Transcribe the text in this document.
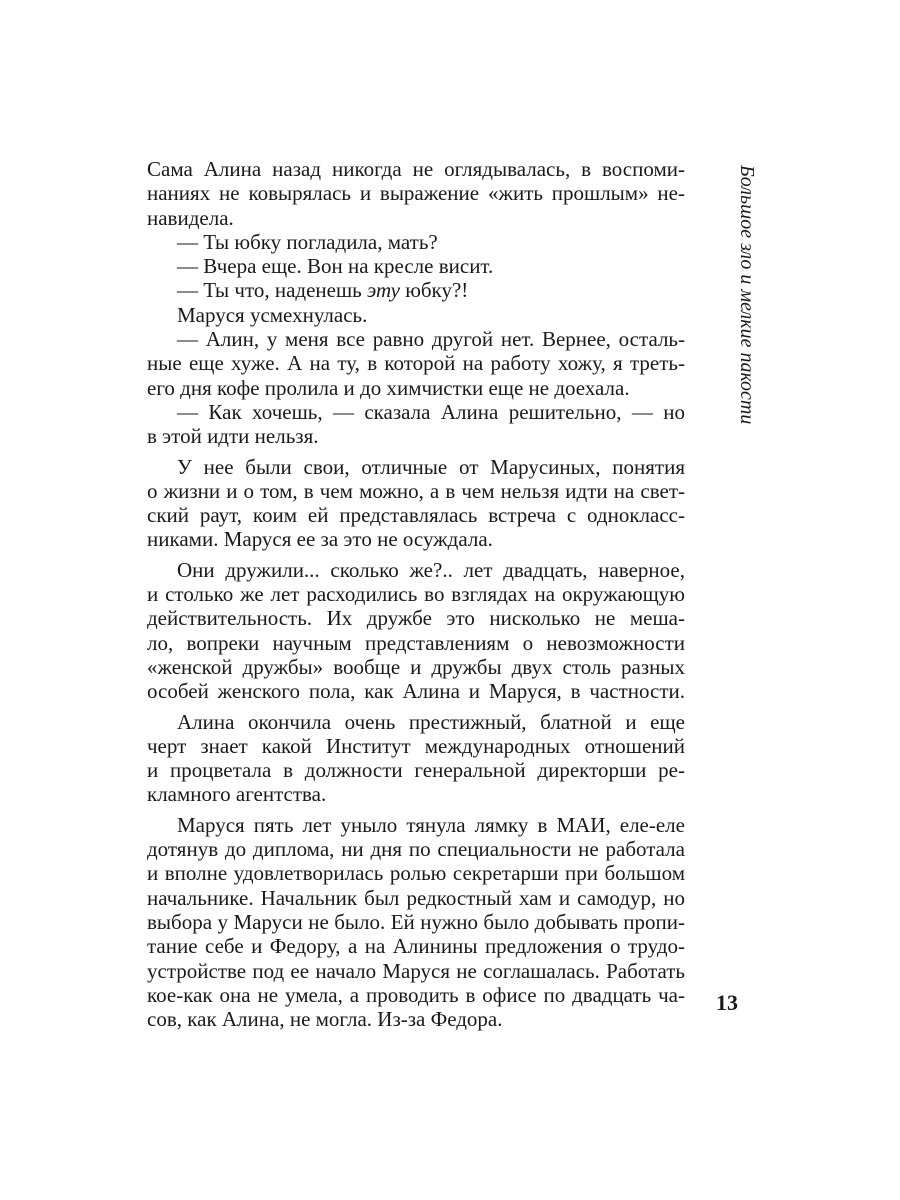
Сама Алина назад никогда не оглядывалась, в воспоми-
наниях не ковырялась и выражение «жить прошлым» не-
навидела.
— Ты юбку погладила, мать?
— Вчера еще. Вон на кресле висит.
— Ты что, наденешь эту юбку?!
Маруся усмехнулась.
— Алин, у меня все равно другой нет. Вернее, осталь-
ные еще хуже. А на ту, в которой на работу хожу, я треть-
его дня кофе пролила и до химчистки еще не доехала.
— Как хочешь, — сказала Алина решительно, — но
в этой идти нельзя.
У нее были свои, отличные от Марусиных, понятия
о жизни и о том, в чем можно, а в чем нельзя идти на свет-
ский раут, коим ей представлялась встреча с однокласс-
никами. Маруся ее за это не осуждала.
Они дружили... сколько же?.. лет двадцать, наверное,
и столько же лет расходились во взглядах на окружающую
действительность. Их дружбе это нисколько не меша-
ло, вопреки научным представлениям о невозможности
«женской дружбы» вообще и дружбы двух столь разных
особей женского пола, как Алина и Маруся, в частности.
Алина окончила очень престижный, блатной и еще
черт знает какой Институт международных отношений
и процветала в должности генеральной директорши ре-
кламного агентства.
Маруся пять лет уныло тянула лямку в МАИ, еле-еле
дотянув до диплома, ни дня по специальности не работала
и вполне удовлетворилась ролью секретарши при большом
начальнике. Начальник был редкостный хам и самодур, но
выбора у Маруси не было. Ей нужно было добывать пропи-
тание себе и Федору, а на Алинины предложения о трудо-
устройстве под ее начало Маруся не соглашалась. Работать
кое-как она не умела, а проводить в офисе по двадцать ча-
сов, как Алина, не могла. Из-за Федора.
Большое зло и мелкие пакости
13
